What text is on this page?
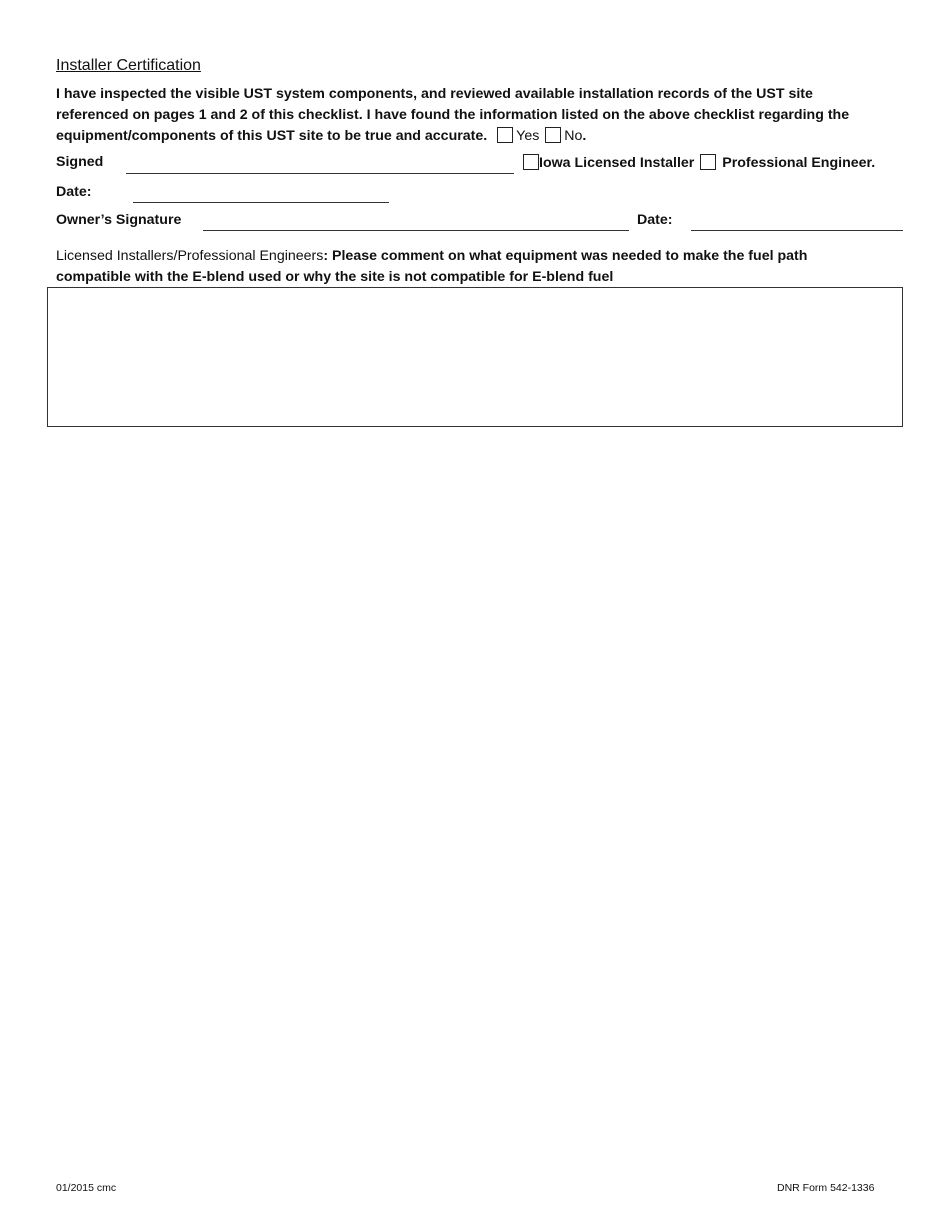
Installer Certification
I have inspected the visible UST system components, and reviewed available installation records of the UST site
referenced on pages 1 and 2 of this checklist. I have found the information listed on the above checklist regarding the
equipment/components of this UST site to be true and accurate. Yes No.
Signed	Iowa Licensed Installer Professional Engineer.
Date:
Owner’s Signature	Date:
Licensed Installers/Professional Engineers: Please comment on what equipment was needed to make the fuel path
compatible with the E-blend used or why the site is not compatible for E-blend fuel
01/2015 cmc	DNR Form 542-1336
